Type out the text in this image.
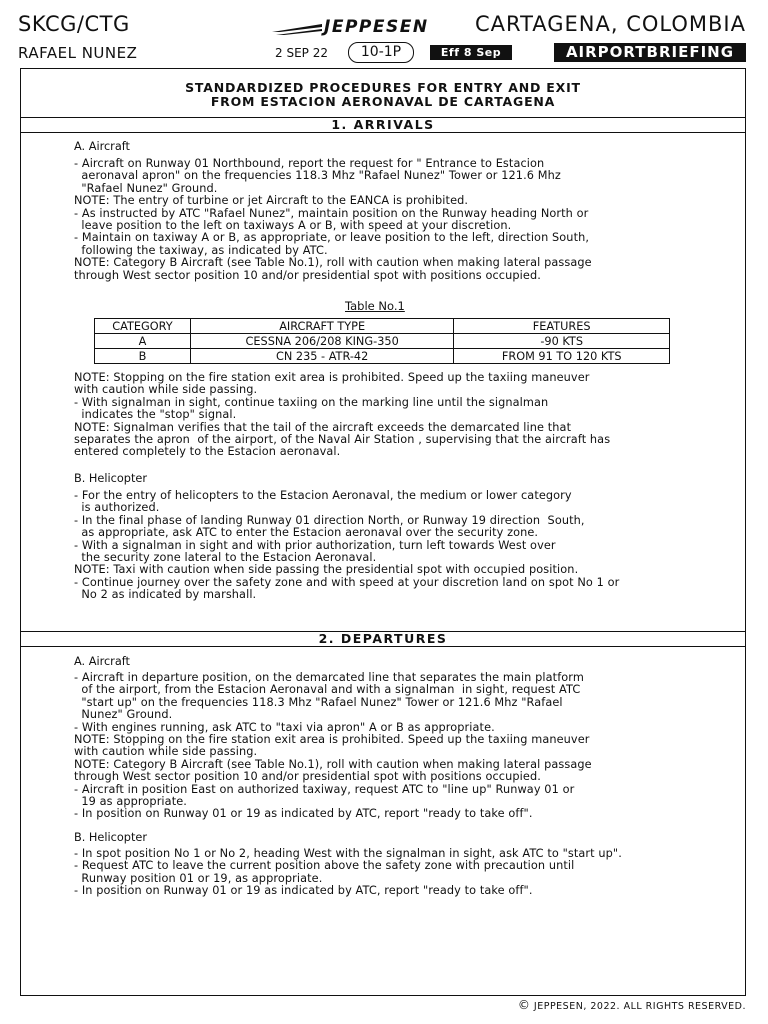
SKCG/CTG
RAFAEL NUNEZ
JEPPESEN CARTAGENA, COLOMBIA
2 SEP 22	10-1P	Eff 8 Sep	AIRPORTBRIEFING
STANDARDIZED PROCEDURES FOR ENTRY AND EXIT
FROM ESTACION AERONAVAL DE CARTAGENA
1. ARRIVALS
A. Aircraft
- Aircraft on Runway 01 Northbound, report the request for " Entrance to Estacion
aeronaval apron" on the frequencies 118.3 Mhz "Rafael Nunez" Tower or 121.6 Mhz
"Rafael Nunez" Ground.
NOTE: The entry of turbine or jet Aircraft to the EANCA is prohibited.
- As instructed by ATC "Rafael Nunez", maintain position on the Runway heading North or
leave position to the left on taxiways A or B, with speed at your discretion.
- Maintain on taxiway A or B, as appropriate, or leave position to the left, direction South,
following the taxiway, as indicated by ATC.
NOTE: Category B Aircraft (see Table No.1), roll with caution when making lateral passage
through West sector position 10 and/or presidential spot with positions occupied.
Table No.1
CATEGORY	AIRCRAFT TYPE	FEATURES
A	CESSNA 206/208 KING-350	-90 KTS
B	CN 235 - ATR-42	FROM 91 TO 120 KTS
NOTE: Stopping on the fire station exit area is prohibited. Speed up the taxiing maneuver
with caution while side passing.
- With signalman in sight, continue taxiing on the marking line until the signalman
indicates the "stop" signal.
NOTE: Signalman verifies that the tail of the aircraft exceeds the demarcated line that
separates the apron  of the airport, of the Naval Air Station , supervising that the aircraft has
entered completely to the Estacion aeronaval.
B. Helicopter
- For the entry of helicopters to the Estacion Aeronaval, the medium or lower category
is authorized.
- In the final phase of landing Runway 01 direction North, or Runway 19 direction  South,
as appropriate, ask ATC to enter the Estacion aeronaval over the security zone.
- With a signalman in sight and with prior authorization, turn left towards West over
the security zone lateral to the Estacion Aeronaval.
NOTE: Taxi with caution when side passing the presidential spot with occupied position.
- Continue journey over the safety zone and with speed at your discretion land on spot No 1 or
No 2 as indicated by marshall.
2. DEPARTURES
A. Aircraft
- Aircraft in departure position, on the demarcated line that separates the main platform
of the airport, from the Estacion Aeronaval and with a signalman  in sight, request ATC
"start up" on the frequencies 118.3 Mhz "Rafael Nunez" Tower or 121.6 Mhz "Rafael
Nunez" Ground.
- With engines running, ask ATC to "taxi via apron" A or B as appropriate.
NOTE: Stopping on the fire station exit area is prohibited. Speed up the taxiing maneuver
with caution while side passing.
NOTE: Category B Aircraft (see Table No.1), roll with caution when making lateral passage
through West sector position 10 and/or presidential spot with positions occupied.
- Aircraft in position East on authorized taxiway, request ATC to "line up" Runway 01 or
19 as appropriate.
- In position on Runway 01 or 19 as indicated by ATC, report "ready to take off".
B. Helicopter
- In spot position No 1 or No 2, heading West with the signalman in sight, ask ATC to "start up".
- Request ATC to leave the current position above the safety zone with precaution until
Runway position 01 or 19, as appropriate.
- In position on Runway 01 or 19 as indicated by ATC, report "ready to take off".
© JEPPESEN, 2022. ALL RIGHTS RESERVED.
